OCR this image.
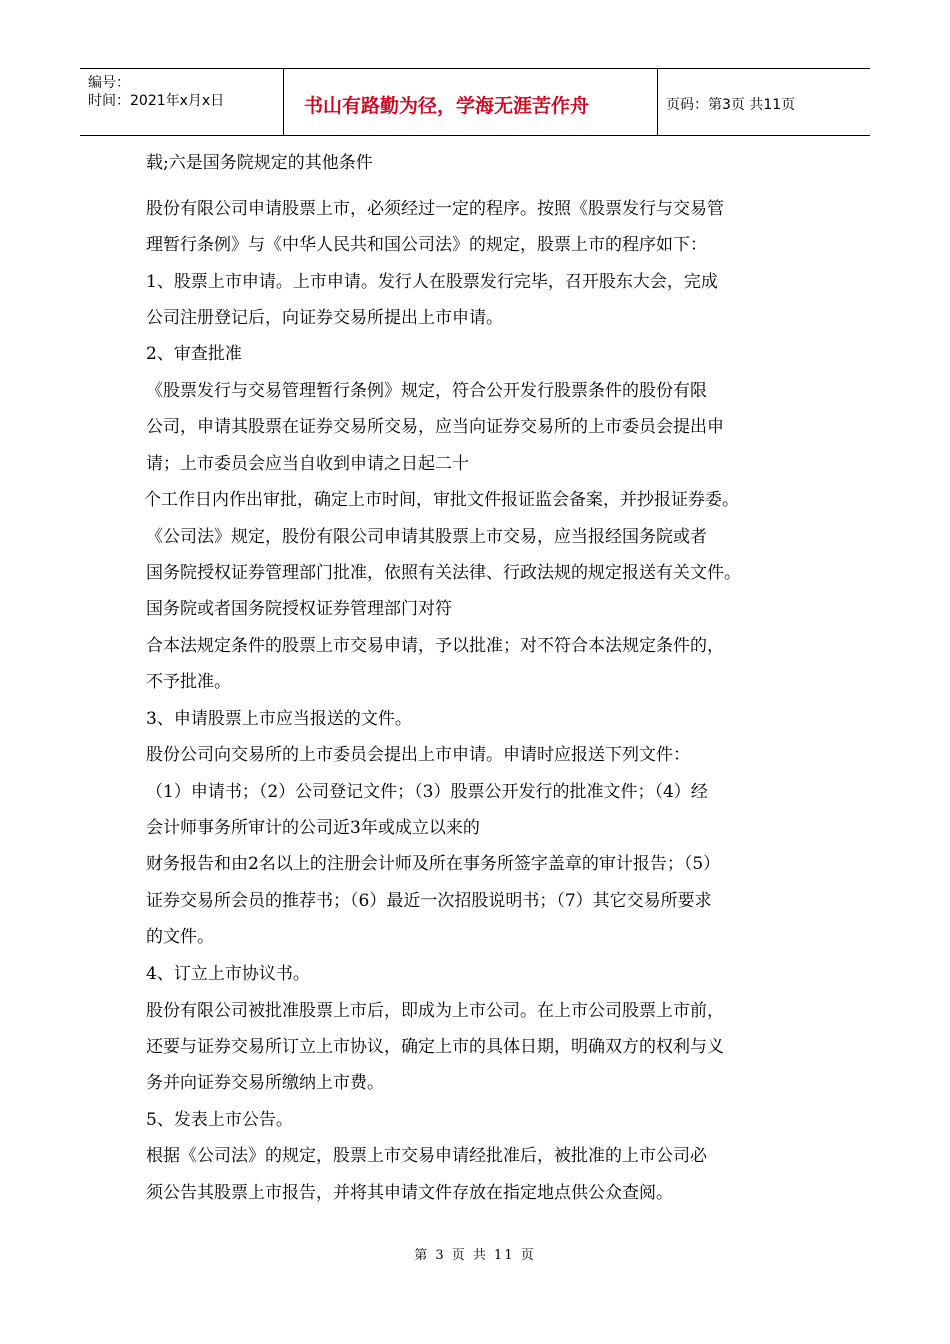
编号：
时间：2021年x月x日	书山有路勤为径，学海无涯苦作舟	页码：第3页 共11页
载;六是国务院规定的其他条件
股份有限公司申请股票上市，必须经过一定的程序。按照《股票发行与交易管
理暂行条例》与《中华人民共和国公司法》的规定，股票上市的程序如下：
1、股票上市申请。上市申请。发行人在股票发行完毕，召开股东大会，完成
公司注册登记后，向证券交易所提出上市申请。
2、审查批准
《股票发行与交易管理暂行条例》规定，符合公开发行股票条件的股份有限
公司，申请其股票在证券交易所交易，应当向证券交易所的上市委员会提出申
请；上市委员会应当自收到申请之日起二十
个工作日内作出审批，确定上市时间，审批文件报证监会备案，并抄报证券委。
《公司法》规定，股份有限公司申请其股票上市交易，应当报经国务院或者
国务院授权证券管理部门批准，依照有关法律、行政法规的规定报送有关文件。
国务院或者国务院授权证券管理部门对符
合本法规定条件的股票上市交易申请，予以批准；对不符合本法规定条件的，
不予批准。
3、申请股票上市应当报送的文件。
股份公司向交易所的上市委员会提出上市申请。申请时应报送下列文件：
（1）申请书；（2）公司登记文件；（3）股票公开发行的批准文件；（4）经
会计师事务所审计的公司近3年或成立以来的
财务报告和由2名以上的注册会计师及所在事务所签字盖章的审计报告；（5）
证券交易所会员的推荐书；（6）最近一次招股说明书；（7）其它交易所要求
的文件。
4、订立上市协议书。
股份有限公司被批准股票上市后，即成为上市公司。在上市公司股票上市前，
还要与证券交易所订立上市协议，确定上市的具体日期，明确双方的权利与义
务并向证券交易所缴纳上市费。
5、发表上市公告。
根据《公司法》的规定，股票上市交易申请经批准后，被批准的上市公司必
须公告其股票上市报告，并将其申请文件存放在指定地点供公众查阅。
第 3 页 共 11 页
